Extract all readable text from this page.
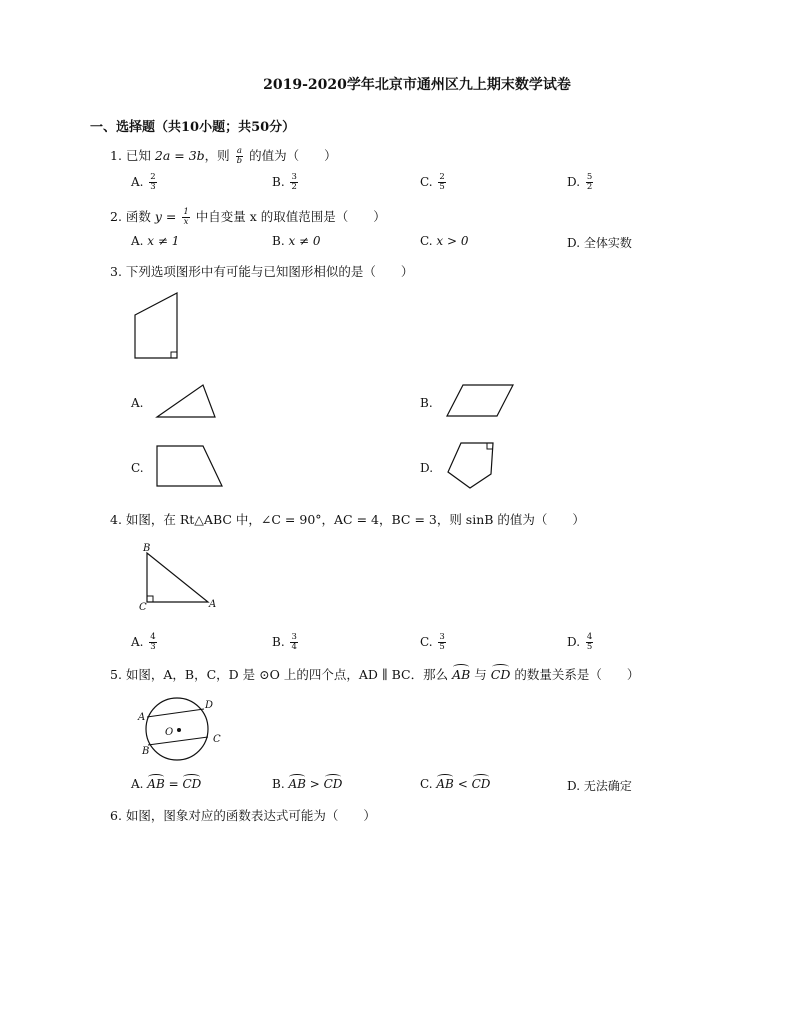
2019-2020学年北京市通州区九上期末数学试卷
一、选择题（共10小题；共50分）
1. 已知 2a = 3b，则 $\frac{a}{b}$ 的值为（　　）
A. $\frac{2}{3}$	B. $\frac{3}{2}$	C. $\frac{2}{5}$	D. $\frac{5}{2}$
2. 函数 $y = \frac{1}{x}$ 中自变量 x 的取值范围是（　　）
A. x ≠ 1	B. x ≠ 0	C. x > 0	D. 全体实数
3. 下列选项图形中有可能与已知图形相似的是（　　）
A.	B.
C.	D.
4. 如图，在 Rt△ABC 中，∠C = 90°，AC = 4，BC = 3，则 sinB 的值为（　　）
B
C	A
A. $\frac{4}{3}$	B. $\frac{3}{4}$	C. $\frac{3}{5}$	D. $\frac{4}{5}$
5. 如图，A，B，C，D 是 ⊙O 上的四个点，AD ∥ BC．那么 AB 与 CD 的数量关系是（　　）
A
B
C
D
O
A. AB = CD	B. AB > CD	C. AB < CD	D. 无法确定
6. 如图，图象对应的函数表达式可能为（　　）
